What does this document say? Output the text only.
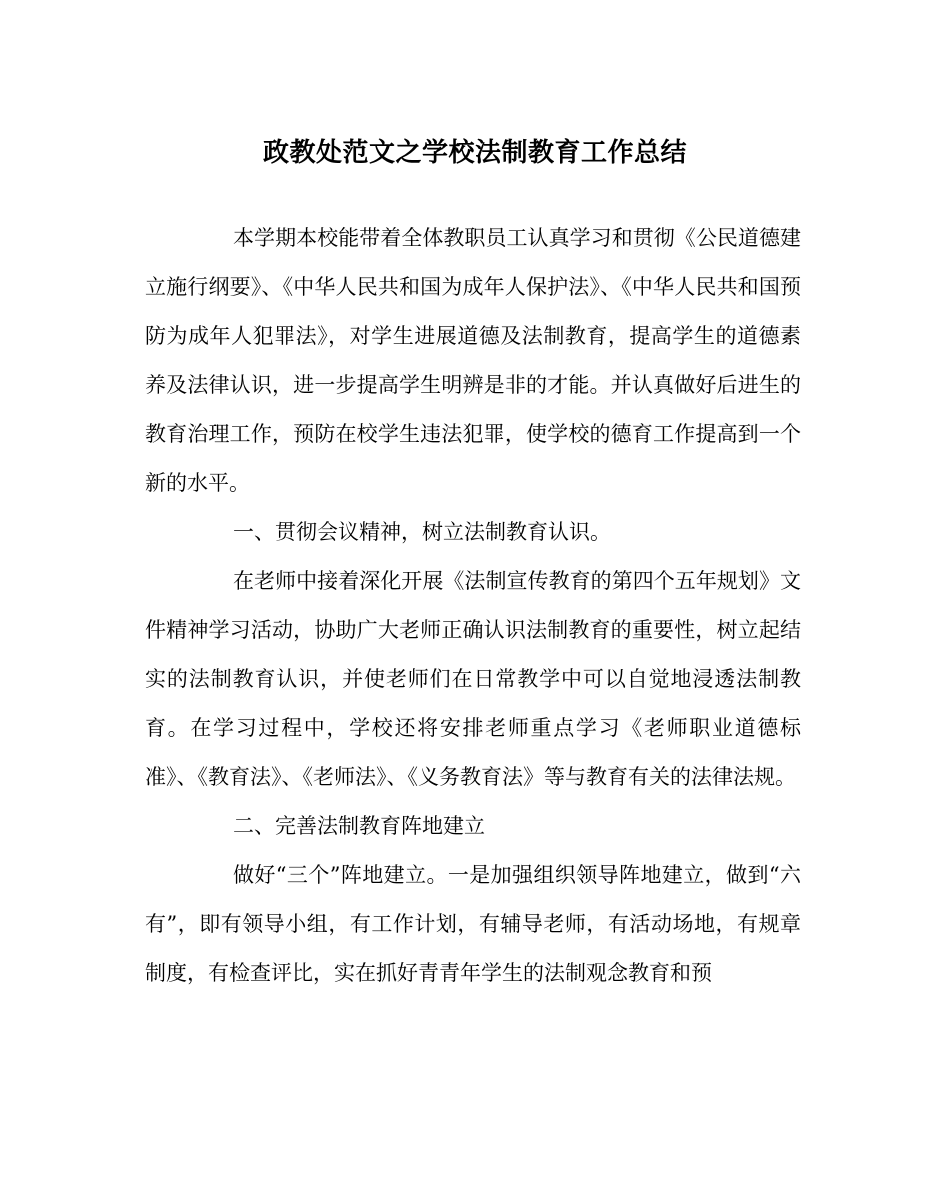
政教处范文之学校法制教育工作总结

本学期本校能带着全体教职员工认真学习和贯彻《公民道德建立施行纲要》、《中华人民共和国为成年人保护法》、《中华人民共和国预防为成年人犯罪法》，对学生进展道德及法制教育，提高学生的道德素养及法律认识，进一步提高学生明辨是非的才能。并认真做好后进生的教育治理工作，预防在校学生违法犯罪，使学校的德育工作提高到一个新的水平。

一、贯彻会议精神，树立法制教育认识。

在老师中接着深化开展《法制宣传教育的第四个五年规划》文件精神学习活动，协助广大老师正确认识法制教育的重要性，树立起结实的法制教育认识，并使老师们在日常教学中可以自觉地浸透法制教育。在学习过程中，学校还将安排老师重点学习《老师职业道德标准》、《教育法》、《老师法》、《义务教育法》等与教育有关的法律法规。

二、完善法制教育阵地建立

做好“三个”阵地建立。一是加强组织领导阵地建立，做到“六有”，即有领导小组，有工作计划，有辅导老师，有活动场地，有规章制度，有检查评比，实在抓好青青年学生的法制观念教育和预
